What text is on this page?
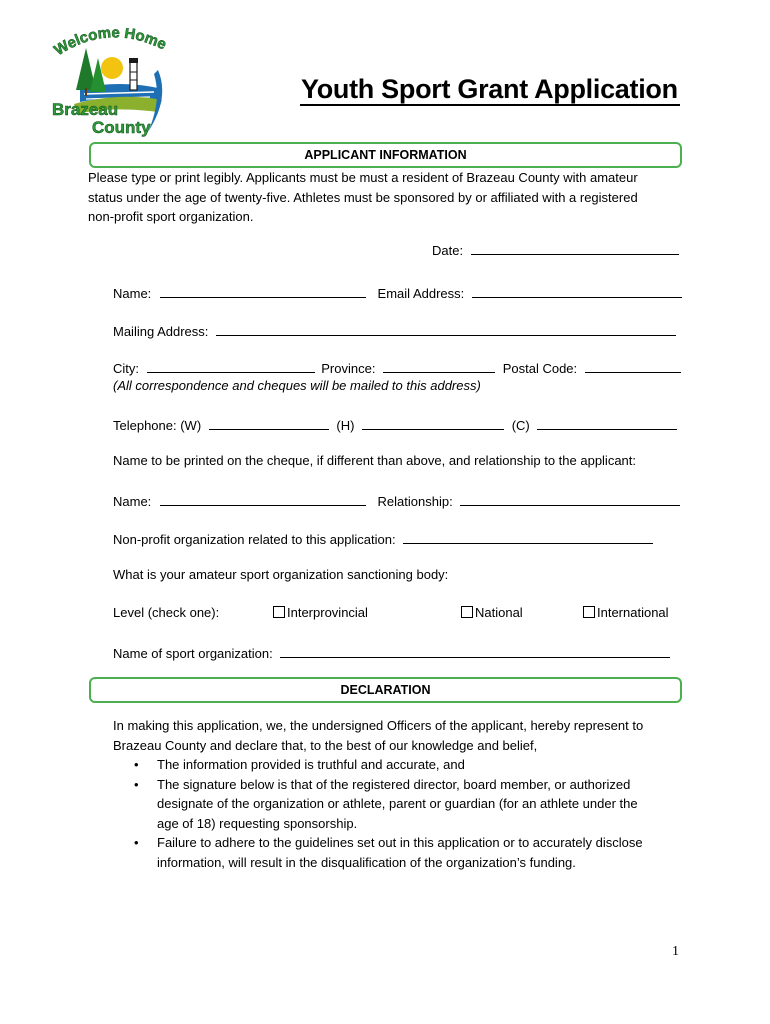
Welcome Home
Brazeau
County
Youth Sport Grant Application
APPLICANT INFORMATION
Please type or print legibly. Applicants must be must a resident of Brazeau County with amateur
status under the age of twenty-five. Athletes must be sponsored by or affiliated with a registered
non-profit sport organization.
Date:
Name:	Email Address:
Mailing Address:
City:	Province:	Postal Code:
(All correspondence and cheques will be mailed to this address)
Telephone: (W)	(H)	(C)
Name to be printed on the cheque, if different than above, and relationship to the applicant:
Name:	Relationship:
Non-profit organization related to this application:
What is your amateur sport organization sanctioning body:
Level (check one):	Interprovincial	National	International
Name of sport organization:
DECLARATION
In making this application, we, the undersigned Officers of the applicant, hereby represent to
Brazeau County and declare that, to the best of our knowledge and belief,
• The information provided is truthful and accurate, and
• The signature below is that of the registered director, board member, or authorized
designate of the organization or athlete, parent or guardian (for an athlete under the
age of 18) requesting sponsorship.
• Failure to adhere to the guidelines set out in this application or to accurately disclose
information, will result in the disqualification of the organization’s funding.
1
